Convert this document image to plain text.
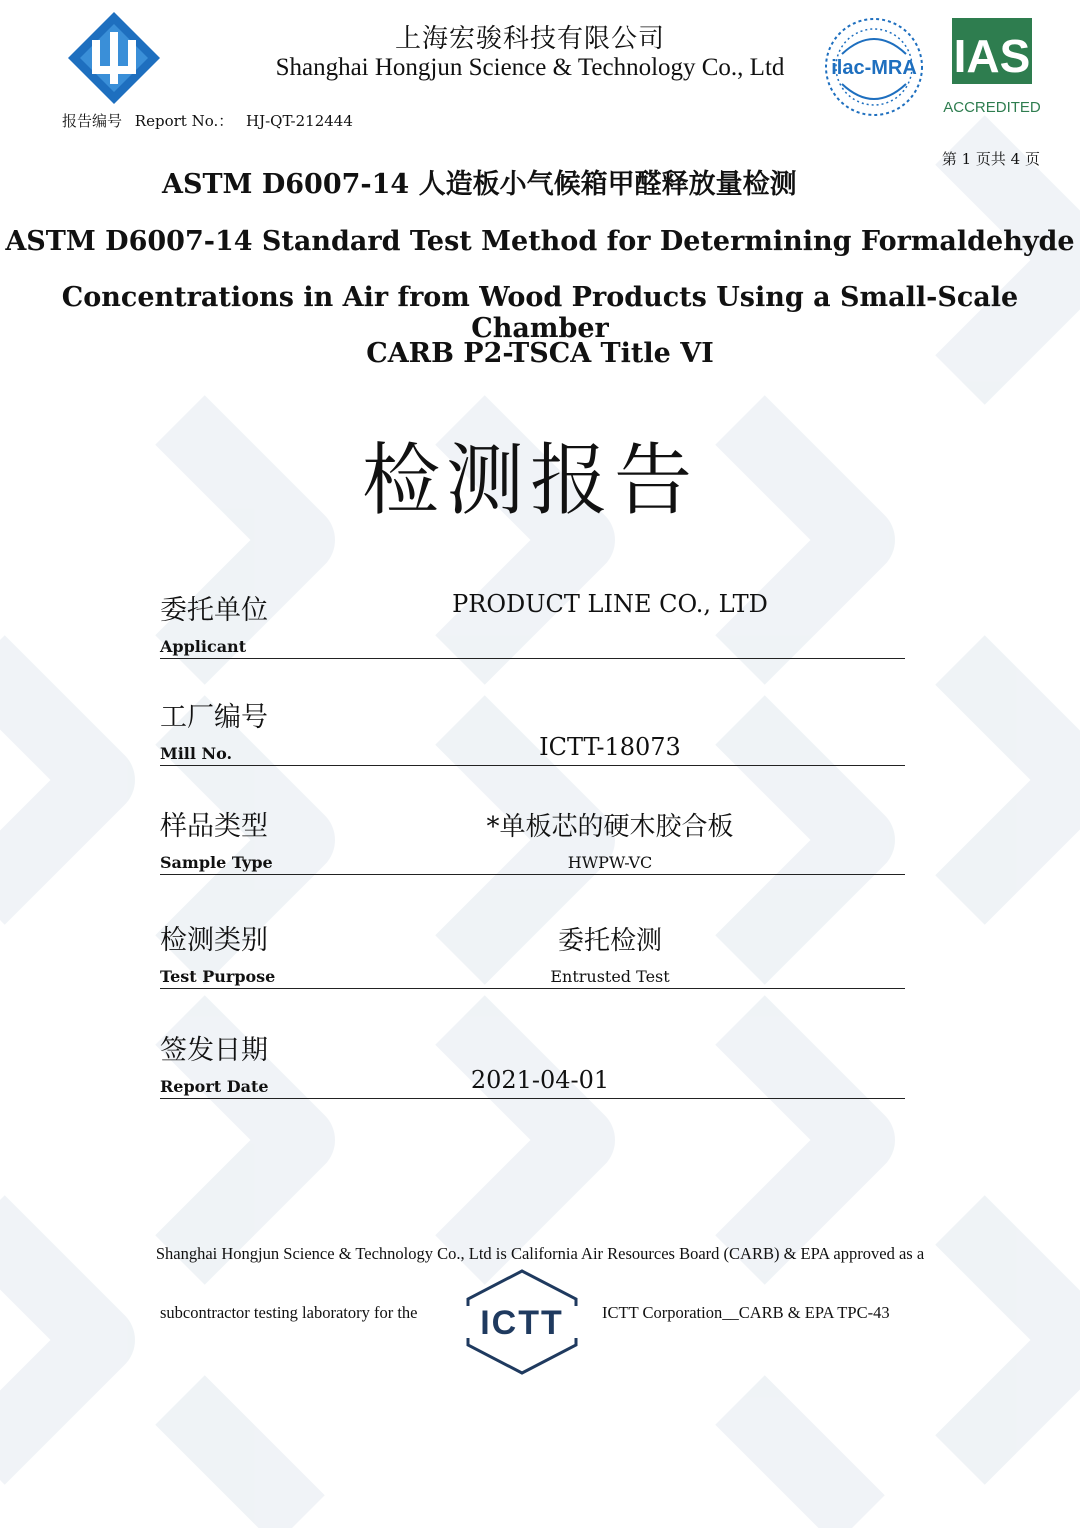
上海宏骏科技有限公司
Shanghai Hongjun Science & Technology Co., Ltd
报告编号 Report No.： HJ-QT-212444
ilac-MRA IAS
ACCREDITED
第 1 页共 4 页
ASTM D6007-14 人造板小气候箱甲醛释放量检测
ASTM D6007-14 Standard Test Method for Determining Formaldehyde
Concentrations in Air from Wood Products Using a Small-Scale Chamber
CARB P2-TSCA Title VI
检测报告
委托单位
Applicant
PRODUCT LINE CO., LTD
工厂编号
Mill No.	ICTT-18073
样品类型
Sample Type
*单板芯的硬木胶合板
HWPW-VC
检测类别
Test Purpose
委托检测
Entrusted Test
签发日期
Report Date	2021-04-01
Shanghai Hongjun Science & Technology Co., Ltd is California Air Resources Board (CARB) & EPA approved as a
subcontractor testing laboratory for the ICTT ICTT Corporation__CARB & EPA TPC-43
